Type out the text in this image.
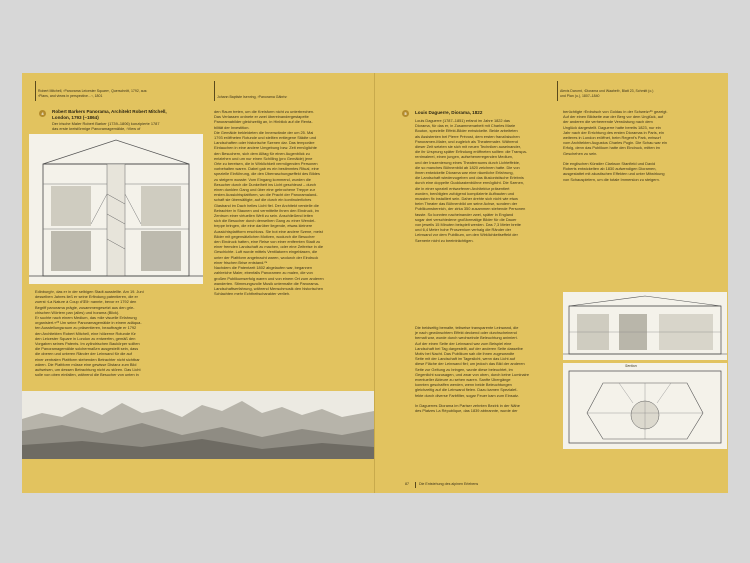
Robert Mitchell, ›Panorama Leicester Square‹, Querschnitt, 1792, aus:
›Plans, and views in perspective…‹, 1801	Johann Baptiste Isenring, ›Panorama Gäbris‹
4	Robert Barkers Panorama, Architekt Robert Mitchell,
London, 1793 (–1864)
Der irische Maler Robert Barker (1739–1806) konzipierte 1787
das erste kreisförmige Panoramagemälde, ›View of
Edinburgh‹, das er in der selbigen Stadt ausstellte. Am 19. Juni
desselben Jahres ließ er seine Erfindung patentieren, die er
zuerst ›La Nature à Coup d'Œil‹ nannte, bevor er 1792 den
Begriff panorama prägte, zusammengesetzt aus den grie-
chischen Wörtern pan (alles) und horama (Blick).
Er suchte nach einem Medium, das »die visuelle Erfahrung
organisiert.«²³ Um seine Panoramagemälde in einem adäqua-
ten Ausstellungsraum zu präsentieren, beauftragte er 1792
den Architekten Robert Mitchell, eine hölzerne Rotunde für
den Leicester Square in London zu entwerfen, gemäß den
Vorgaben seines Patents. Im zylindrischen Baukörper sollten
die Panoramagemälde solchermaßen ausgestellt sein, dass
die oberen und unteren Ränder der Leinwand für die auf
einer zentralen Plattform stehenden Betrachter nicht sichtbar
wären. Die Plattform müsse eine gewisse Distanz zum Bild
aufweisen, um dessen Betrachtung nicht zu stören. Das Licht
solle von oben einfallen, während die Besucher von unten in
den Raum treten, um die Kreisform nicht zu unterbrechen.
Das Verlassen ordnete er zwei übereinandergestapelte
Panoramabilder gleichzeitig an, in Hinblick auf die Renta-
bilität der Investition.
Die Gemälde bekleideten die Innenwände der um 25. Mai
1793 eröffneten Rotunde und stellten entlegene Städte und
Landschaften oder historische Szenen dar. Das temporäre
Eintauchen in eine andere Umgebung bzw. Zeit ermöglichte
den Besuchern, sich dem Alltag für einen Augenblick zu
entziehen und um nur einen Schilling (pro Gemälde) jene
Orte zu bereisen, die in Wirklichkeit vermögenden Personen
vorbehalten waren. Dabei gab es ein bestimmtes Ritual, eine
spezielle Einführung, die den Überraschungseffekt des Bildes
zu steigern wusste: Vom Eingang kommend, wurden die
Besucher durch die Dunkelheit ins Licht geschleust – durch
einen dunklen Gang und über eine gebrochene Treppe zur
ersten Aussichtsplattform, wo die Pracht der Panoramaland-
schaft sie überwältigte, auf die durch ein kontinuierliches
Glasband im Dach helles Licht fiel. Der Architekt verstelle die
Betrachter in Staunen und vermittelte ihnen den Eindruck, im
Zentrum einer virtuellen Welt zu sein. Anschließend leiten
sich die Besucher durch denselben Gang zu einer Wendel-
treppe bringen, die eine darüber liegende, etwas kleinere
Aussichtsplattform erschloss. Sie bot eine andere Szene, meist
Bilder mit gegensätzlichen Motiven, wodurch die Besucher
den Eindruck hatten, eine Reise von einer entfernten Stadt zu
einer fremden Landschaft zu machen, oder eine Zeitreise in die
Geschichte. Luft wurde mittels Ventilatoren eingeblasen, die
unter der Plattform angebracht waren, wodurch der Eindruck
einer frischen Brise entstand.²⁴
Nachdem die Patentzeit 1802 abgelaufen war, begannen
zahlreiche Maler, ebenfalls Panoramen zu malen, die von
großen Publikumserfolg waren und von einem Ort zum anderen
wanderten. Stimmungsvolle Musik untermalte die Panorama-
Landschaftserfahrung, während Menschmusik den historischen
Schlachten mehr Echtheitscharakter verlieh.
Alexis Daromt, ›Diorama und Waahelt‹, Blatt 23, Schmitt (o.)
und Plan (u.), 1807–1840
5	Louis Daguerre, Diorama, 1822
Louis Daguerre (1787–1851) erfand im Jahre 1822 das
Diorama, für das er, in Zusammenarbeit mit Charles Marie
Bouton, spezielle Effekt-Bilder entwickelte. Beide arbeiteten
als Assistenten bei Pierre Prévost, dem ersten französischen
Panoramen-Maler, und zugleich als Theatermaler. Während
dieser Zeit setzten sie sich mit neuen Techniken auseinander,
die ihr Ursprung später Erfindung eröffneten sollten: die Transpa-
rentmalerei, einen jungen, aufsehenerregenden Medium,
und der Inszenierung eines Theaterraums durch Lichteffekte,
die so manches Bühnenbild ab 1820 zeichnen hatte. Die von
ihnen entwickelte Diorama war eine räumliche Erfahrung,
die Landschaft wiederzugeben und das illusionistische Erlebnis
durch eine doppelte Guckkastenbühne ermöglicht. Die Szenen,
die in einer speziell entworfenen Architektur präsentiert
wurden, benötigten zufolgend komplizierte Aufbauten und
mussten fix installiert sein. Daher drehte sich nicht wie etwa
beim Theater das Bühnenbild um seine Achse, sondern der
Publikumsbereich, der zirka 350 zusammen stehende Personen
fasste. So konnten nacheinander zwei, später in England
sogar drei verschiedene großformatige Bilder für die Dauer
von jeweils 15 Minuten beispielt werden. Das 7,3 Meter breite
und 6,4 Meter hohe Proszenium verhalg die Ränder der
Leinwand vor dem Publikum, um den Wirklichkeitseffekt der
Szenerie nicht zu beeinträchtigen.
Die beidseitig bemalte, teilweise transparente Leinwand, die
je nach gewünschtem Effekt deckend oder durchscheinend
bemalt war, wurde durch wechselnde Beleuchtung animiert.
Auf der einen Seite der Leinwand war zum Beispiel eine
Landschaft bei Tag dargestellt, auf der anderen Seite dasselbe
Motiv bei Nacht. Das Publikum sah die ihnen zugewandte
Seite mit der Landschaft im Tageslicht, wenn das Licht auf
diese Fläche der Leinwand fiel; um jedoch das Bild der anderen
Seite zur Geltung zu bringen, wurde diese beleuchtet, im
Gegenlicht sozusagen, und zwar von oben, durch keine Luminaire
eventueller Akteure zu sehen waren. Sanfte Übergänge
konnten geschaffen werden, wenn beide Beleuchtungen
gleichzeitig auf die Leinwand fielen. Dazu kamen Spezialef-
fekte durch diverse Farbfilter, sogar Feuer kam zum Einsatz.

In Daguerres Diorama im Pariser zehnten Bezirk in der Nähe
des Platzes La République, das 1839 abbrannte, wurde der
87	Die Entstehung des alpinen Erlebens
berüchtigte ›Erdrutsch von Goldau in der Schweiz‹²⁵ gezeigt.
Auf der einen Bildseite war der Berg vor dem Unglück, auf
der anderen die verheerende Verwüstung nach dem
Unglück dargestellt. Daguerre hatte bereits 1823, nur ein
Jahr nach der Errichtung des ersten Dioramas in Paris, ein
weiteres in London eröffnet, beim Regent's Park, entwurf
vom Architekten Augustus Charles Pugin. Die Schau war ein
Erfolg, denn das Publikum hatte den Eindruck, mitten im
Geschehen zu sein.

Die englischen Künstler Clarkson Stanfield und David
Roberts entwickelten ab 1830 aufwendigen Dioramen,
ausgestattet mit akustischen Effekten und unter Mitwirkung
von Schauspielern, um die totale Immersion zu steigern.
Section
